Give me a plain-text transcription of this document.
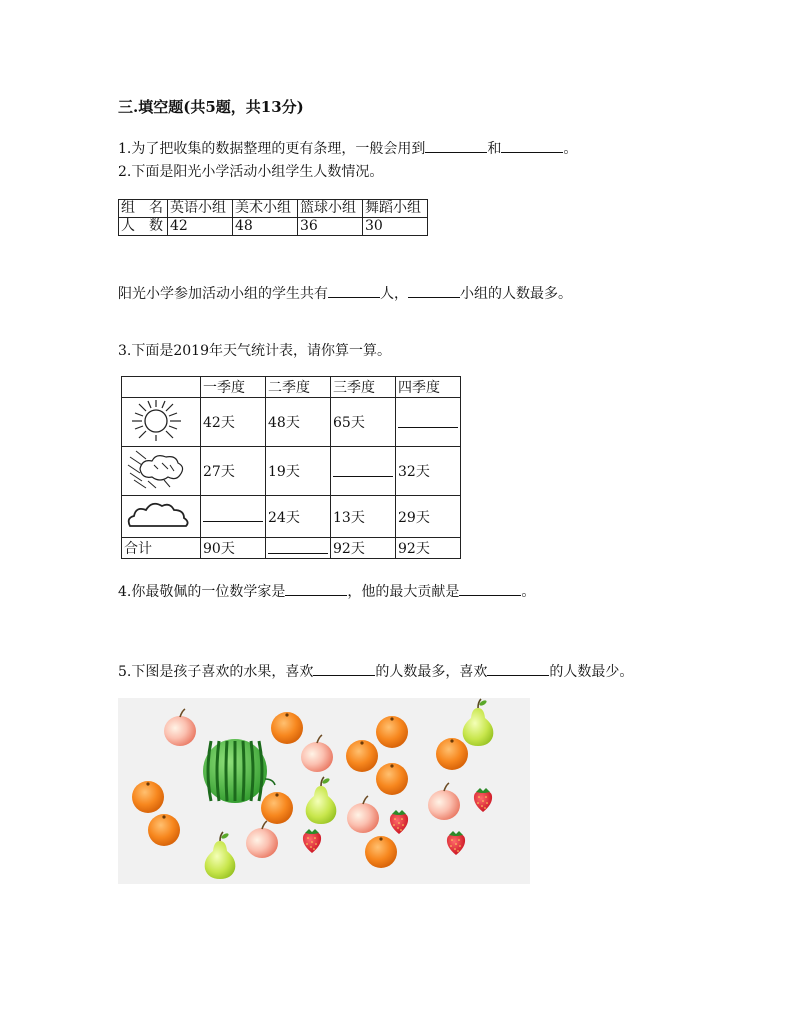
三.填空题(共5题，共13分)
1.为了把收集的数据整理的更有条理，一般会用到	和	。
2.下面是阳光小学活动小组学生人数情况。
组　名	英语小组	美术小组	篮球小组	舞蹈小组
人　数	42	48	36	30
阳光小学参加活动小组的学生共有	人，	小组的人数最多。
3.下面是2019年天气统计表，请你算一算。
	一季度	二季度	三季度	四季度
	42天	48天	65天	
	27天	19天		32天
		24天	13天	29天
合计	90天		92天	92天
4.你最敬佩的一位数学家是	，他的最大贡献是	。
5.下图是孩子喜欢的水果，喜欢	的人数最多，喜欢	的人数最少。
